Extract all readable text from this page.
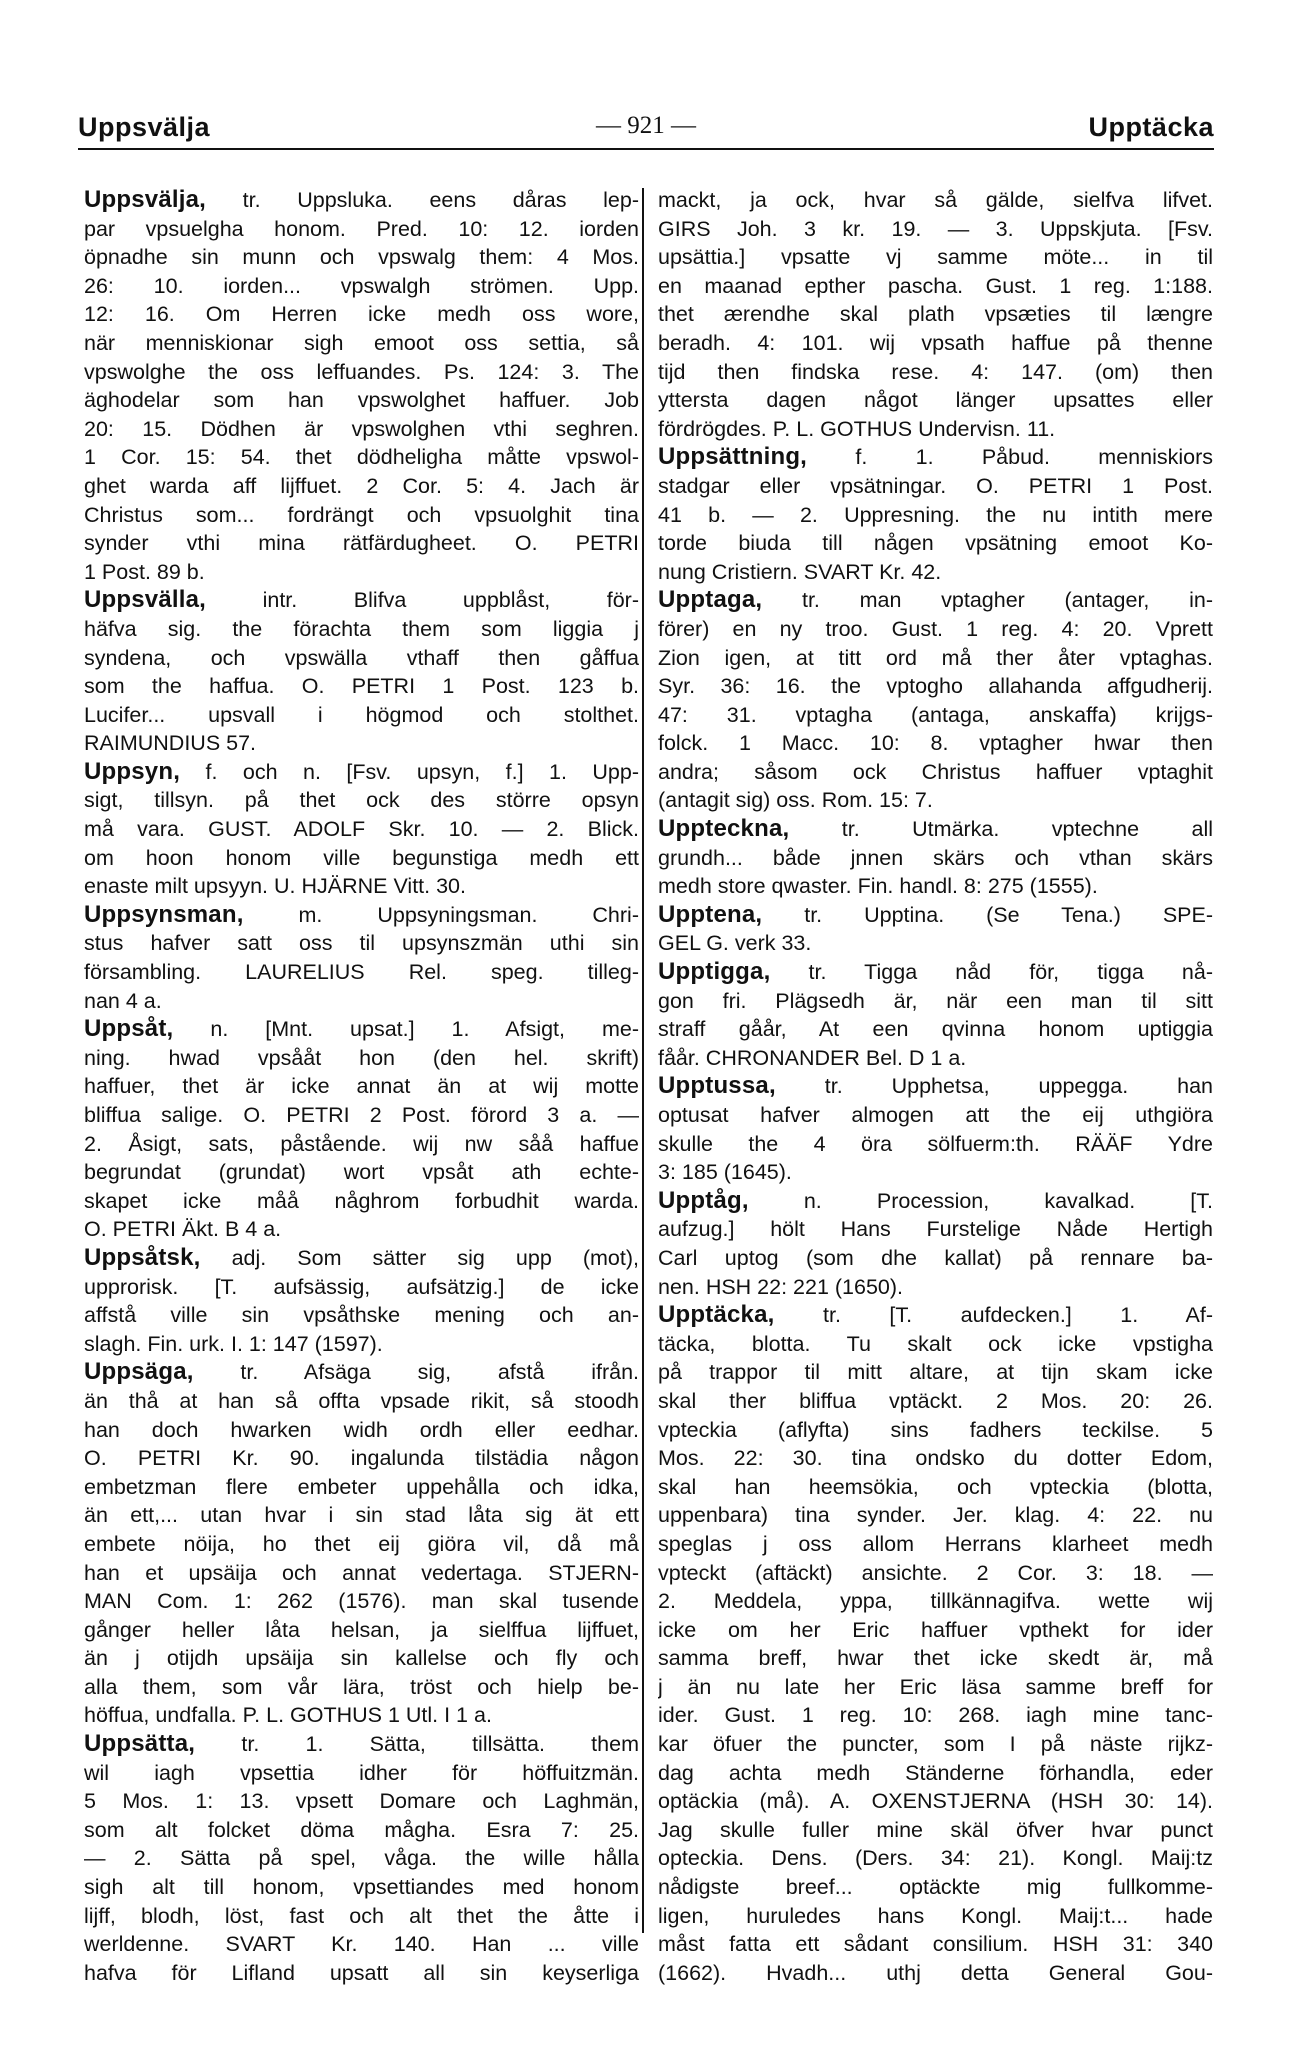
Uppsvälja	— 921 —	Upptäcka
Uppsvälja, tr. Uppsluka. eens dåras lep-
par vpsuelgha honom. Pred. 10: 12. iorden
öpnadhe sin munn och vpswalg them: 4 Mos.
26: 10. iorden... vpswalgh strömen. Upp.
12: 16. Om Herren icke medh oss wore,
när menniskionar sigh emoot oss settia, så
vpswolghe the oss leffuandes. Ps. 124: 3. The
äghodelar som han vpswolghet haffuer. Job
20: 15. Dödhen är vpswolghen vthi seghren.
1 Cor. 15: 54. thet dödheligha måtte vpswol-
ghet warda aff lijffuet. 2 Cor. 5: 4. Jach är
Christus som... fordrängt och vpsuolghit tina
synder vthi mina rätfärdugheet. O. PETRI
1 Post. 89 b.
Uppsvälla, intr. Blifva uppblåst, för-
häfva sig. the förachta them som liggia j
syndena, och vpswälla vthaff then gåffua
som the haffua. O. PETRI 1 Post. 123 b.
Lucifer... upsvall i högmod och stolthet.
RAIMUNDIUS 57.
Uppsyn, f. och n. [Fsv. upsyn, f.] 1. Upp-
sigt, tillsyn. på thet ock des större opsyn
må vara. GUST. ADOLF Skr. 10. — 2. Blick.
om hoon honom ville begunstiga medh ett
enaste milt upsyyn. U. HJÄRNE Vitt. 30.
Uppsynsman, m. Uppsyningsman. Chri-
stus hafver satt oss til upsynszmän uthi sin
försambling. LAURELIUS Rel. speg. tilleg-
nan 4 a.
Uppsåt, n. [Mnt. upsat.] 1. Afsigt, me-
ning. hwad vpsååt hon (den hel. skrift)
haffuer, thet är icke annat än at wij motte
bliffua salige. O. PETRI 2 Post. förord 3 a. —
2. Åsigt, sats, påstående. wij nw såå haffue
begrundat (grundat) wort vpsåt ath echte-
skapet icke måå någhrom forbudhit warda.
O. PETRI Äkt. B 4 a.
Uppsåtsk, adj. Som sätter sig upp (mot),
upprorisk. [T. aufsässig, aufsätzig.] de icke
affstå ville sin vpsåthske mening och an-
slagh. Fin. urk. I. 1: 147 (1597).
Uppsäga, tr. Afsäga sig, afstå ifrån.
än thå at han så offta vpsade rikit, så stoodh
han doch hwarken widh ordh eller eedhar.
O. PETRI Kr. 90. ingalunda tilstädia någon
embetzman flere embeter uppehålla och idka,
än ett,... utan hvar i sin stad låta sig ät ett
embete nöija, ho thet eij giöra vil, då må
han et upsäija och annat vedertaga. STJERN-
MAN Com. 1: 262 (1576). man skal tusende
gånger heller låta helsan, ja sielffua lijffuet,
än j otijdh upsäija sin kallelse och fly och
alla them, som vår lära, tröst och hielp be-
höffua, undfalla. P. L. GOTHUS 1 Utl. I 1 a.
Uppsätta, tr. 1. Sätta, tillsätta. them
wil iagh vpsettia idher för höffuitzmän.
5 Mos. 1: 13. vpsett Domare och Laghmän,
som alt folcket döma mågha. Esra 7: 25.
— 2. Sätta på spel, våga. the wille hålla
sigh alt till honom, vpsettiandes med honom
lijff, blodh, löst, fast och alt thet the åtte i
werldenne. SVART Kr. 140. Han ... ville
hafva för Lifland upsatt all sin keyserliga
mackt, ja ock, hvar så gälde, sielfva lifvet.
GIRS Joh. 3 kr. 19. — 3. Uppskjuta. [Fsv.
upsättia.] vpsatte vj samme möte... in til
en maanad epther pascha. Gust. 1 reg. 1:188.
thet ærendhe skal plath vpsæties til længre
beradh. 4: 101. wij vpsath haffue på thenne
tijd then findska rese. 4: 147. (om) then
yttersta dagen något länger upsattes eller
fördrögdes. P. L. GOTHUS Undervisn. 11.
Uppsättning, f. 1. Påbud. menniskiors
stadgar eller vpsätningar. O. PETRI 1 Post.
41 b. — 2. Uppresning. the nu intith mere
torde biuda till någen vpsätning emoot Ko-
nung Cristiern. SVART Kr. 42.
Upptaga, tr. man vptagher (antager, in-
förer) en ny troo. Gust. 1 reg. 4: 20. Vprett
Zion igen, at titt ord må ther åter vptaghas.
Syr. 36: 16. the vptogho allahanda affgudherij.
47: 31. vptagha (antaga, anskaffa) krijgs-
folck. 1 Macc. 10: 8. vptagher hwar then
andra; såsom ock Christus haffuer vptaghit
(antagit sig) oss. Rom. 15: 7.
Uppteckna, tr. Utmärka. vptechne all
grundh... både jnnen skärs och vthan skärs
medh store qwaster. Fin. handl. 8: 275 (1555).
Upptena, tr. Upptina. (Se Tena.) SPE-
GEL G. verk 33.
Upptigga, tr. Tigga nåd för, tigga nå-
gon fri. Plägsedh är, när een man til sitt
straff gåår, At een qvinna honom uptiggia
fåår. CHRONANDER Bel. D 1 a.
Upptussa, tr. Upphetsa, uppegga. han
optusat hafver almogen att the eij uthgiöra
skulle the 4 öra sölfuerm:th. RÄÄF Ydre
3: 185 (1645).
Upptåg, n. Procession, kavalkad. [T.
aufzug.] hölt Hans Furstelige Nåde Hertigh
Carl uptog (som dhe kallat) på rennare ba-
nen. HSH 22: 221 (1650).
Upptäcka, tr. [T. aufdecken.] 1. Af-
täcka, blotta. Tu skalt ock icke vpstigha
på trappor til mitt altare, at tijn skam icke
skal ther bliffua vptäckt. 2 Mos. 20: 26.
vpteckia (aflyfta) sins fadhers teckilse. 5
Mos. 22: 30. tina ondsko du dotter Edom,
skal han heemsökia, och vpteckia (blotta,
uppenbara) tina synder. Jer. klag. 4: 22. nu
speglas j oss allom Herrans klarheet medh
vpteckt (aftäckt) ansichte. 2 Cor. 3: 18. —
2. Meddela, yppa, tillkännagifva. wette wij
icke om her Eric haffuer vpthekt for ider
samma breff, hwar thet icke skedt är, må
j än nu late her Eric läsa samme breff for
ider. Gust. 1 reg. 10: 268. iagh mine tanc-
kar öfuer the puncter, som I på näste rijkz-
dag achta medh Ständerne förhandla, eder
optäckia (må). A. OXENSTJERNA (HSH 30: 14).
Jag skulle fuller mine skäl öfver hvar punct
opteckia. Dens. (Ders. 34: 21). Kongl. Maij:tz
nådigste breef... optäckte mig fullkomme-
ligen, huruledes hans Kongl. Maij:t... hade
måst fatta ett sådant consilium. HSH 31: 340
(1662). Hvadh... uthj detta General Gou-
